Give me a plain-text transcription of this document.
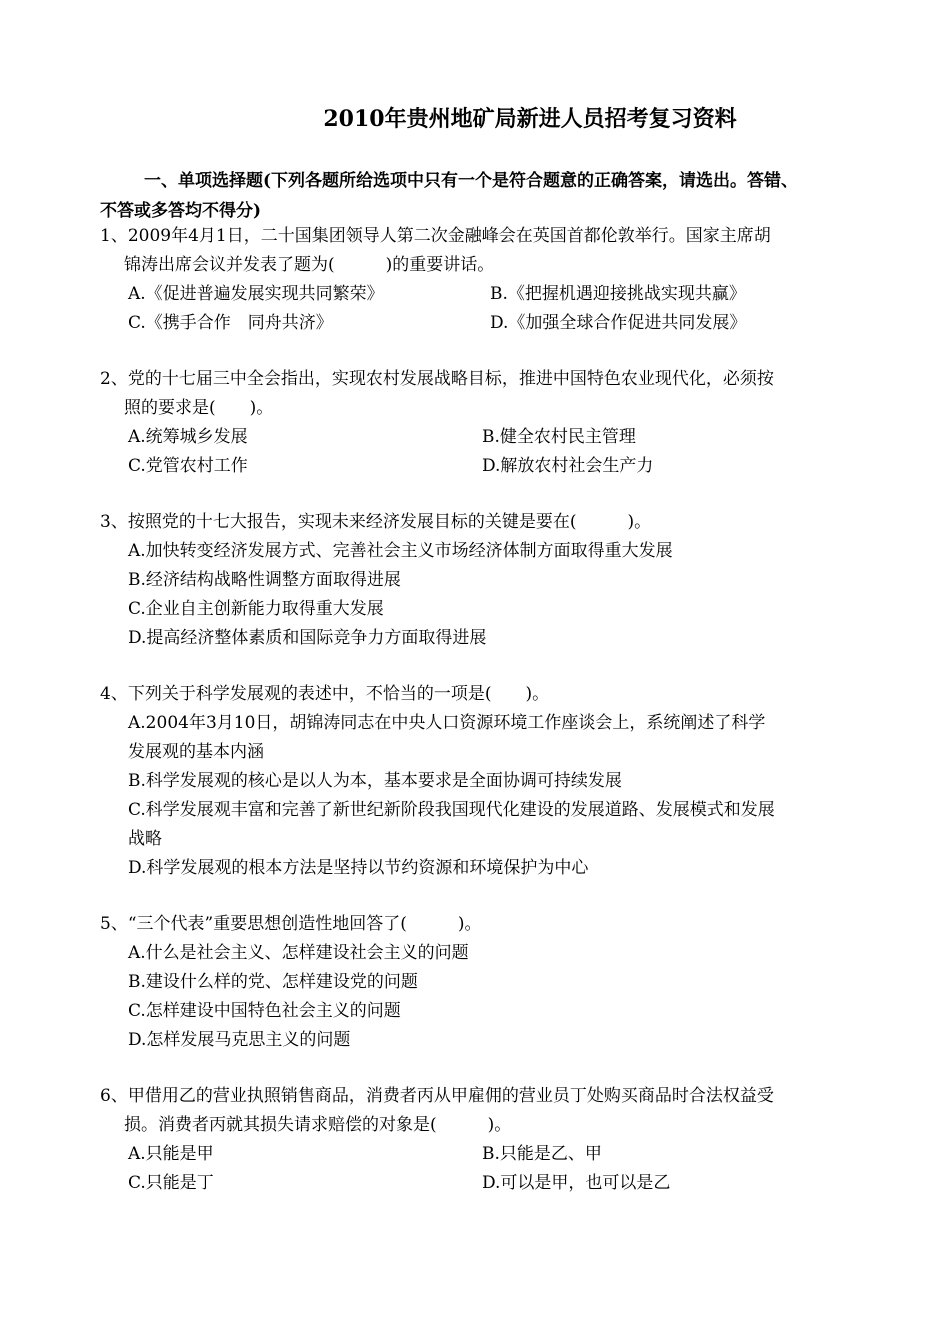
2010年贵州地矿局新进人员招考复习资料
一、单项选择题(下列各题所给选项中只有一个是符合题意的正确答案，请选出。答错、
不答或多答均不得分)
1、2009年4月1日，二十国集团领导人第二次金融峰会在英国首都伦敦举行。国家主席胡
锦涛出席会议并发表了题为(　　　)的重要讲话。
A.《促进普遍发展实现共同繁荣》	B.《把握机遇迎接挑战实现共赢》
C.《携手合作　同舟共济》	D.《加强全球合作促进共同发展》
2、党的十七届三中全会指出，实现农村发展战略目标，推进中国特色农业现代化，必须按
照的要求是(　　)。
A.统筹城乡发展	B.健全农村民主管理
C.党管农村工作	D.解放农村社会生产力
3、按照党的十七大报告，实现未来经济发展目标的关键是要在(　　　)。
A.加快转变经济发展方式、完善社会主义市场经济体制方面取得重大发展
B.经济结构战略性调整方面取得进展
C.企业自主创新能力取得重大发展
D.提高经济整体素质和国际竞争力方面取得进展
4、下列关于科学发展观的表述中，不恰当的一项是(　　)。
A.2004年3月10日，胡锦涛同志在中央人口资源环境工作座谈会上，系统阐述了科学
发展观的基本内涵
B.科学发展观的核心是以人为本，基本要求是全面协调可持续发展
C.科学发展观丰富和完善了新世纪新阶段我国现代化建设的发展道路、发展模式和发展
战略
D.科学发展观的根本方法是坚持以节约资源和环境保护为中心
5、“三个代表”重要思想创造性地回答了(　　　)。
A.什么是社会主义、怎样建设社会主义的问题
B.建设什么样的党、怎样建设党的问题
C.怎样建设中国特色社会主义的问题
D.怎样发展马克思主义的问题
6、甲借用乙的营业执照销售商品，消费者丙从甲雇佣的营业员丁处购买商品时合法权益受
损。消费者丙就其损失请求赔偿的对象是(　　　)。
A.只能是甲	B.只能是乙、甲
C.只能是丁	D.可以是甲，也可以是乙
